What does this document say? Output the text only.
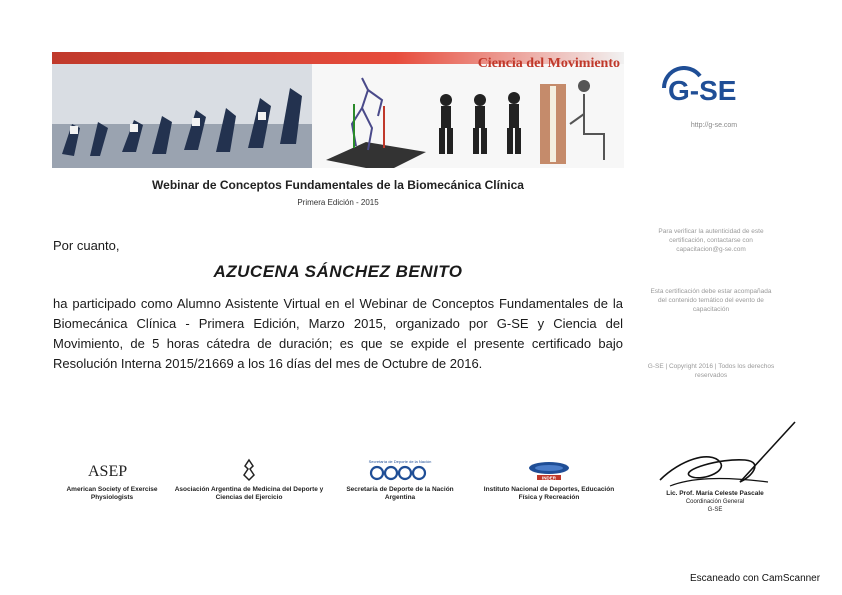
Ciencia del Movimiento
G-SE
http://g-se.com
Webinar de Conceptos Fundamentales de la Biomecánica Clínica
Primera Edición - 2015
Por cuanto,
AZUCENA SÁNCHEZ BENITO
ha participado como Alumno Asistente Virtual en el Webinar de Conceptos Fundamentales de la Biomecánica Clínica - Primera Edición, Marzo 2015, organizado por G-SE y Ciencia del Movimiento, de 5 horas cátedra de duración; es que se expide el presente certificado bajo Resolución Interna 2015/21669 a los 16 días del mes de Octubre de 2016.
Para verificar la autenticidad de este certificación, contactarse con capacitacion@g-se.com
Esta certificación debe estar acompañada del contenido temático del evento de capacitación
G-SE | Copyright 2016 | Todos los derechos reservados
ASEP
American Society of Exercise Physiologists
Asociación Argentina de Medicina del Deporte y Ciencias del Ejercicio
Secretaría de Deporte de la Nación
Secretaría de Deporte de la Nación Argentina
INDER
Instituto Nacional de Deportes, Educación Física y Recreación
Lic. Prof. María Celeste Pascale
Coordinación General
G-SE
Escaneado con CamScanner
